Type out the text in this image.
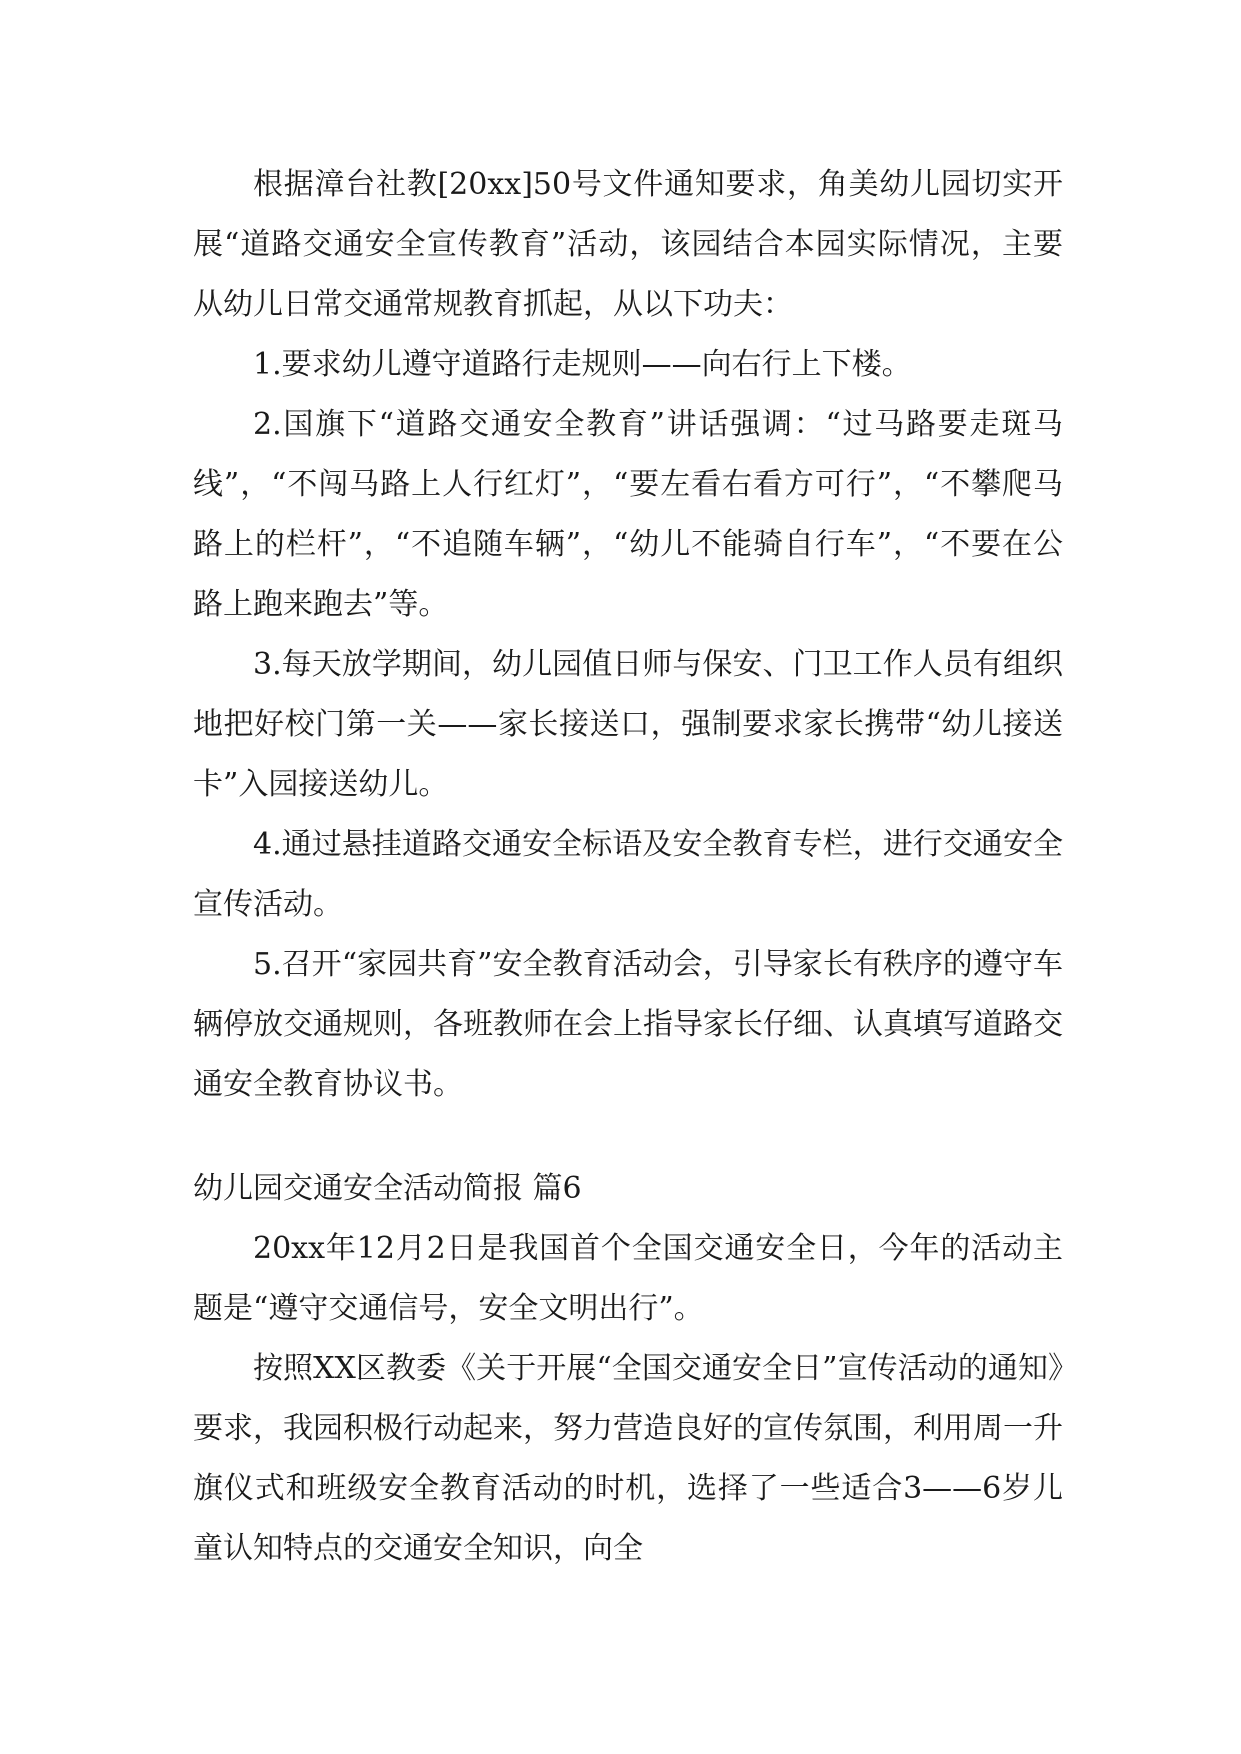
根据漳台社教[20xx]50号文件通知要求，角美幼儿园切实开展“道路交通安全宣传教育”活动，该园结合本园实际情况，主要从幼儿日常交通常规教育抓起，从以下功夫：

1.要求幼儿遵守道路行走规则——向右行上下楼。

2.国旗下“道路交通安全教育”讲话强调：“过马路要走斑马线”，“不闯马路上人行红灯”，“要左看右看方可行”，“不攀爬马路上的栏杆”，“不追随车辆”，“幼儿不能骑自行车”，“不要在公路上跑来跑去”等。

3.每天放学期间，幼儿园值日师与保安、门卫工作人员有组织地把好校门第一关——家长接送口，强制要求家长携带“幼儿接送卡”入园接送幼儿。

4.通过悬挂道路交通安全标语及安全教育专栏，进行交通安全宣传活动。

5.召开“家园共育”安全教育活动会，引导家长有秩序的遵守车辆停放交通规则，各班教师在会上指导家长仔细、认真填写道路交通安全教育协议书。

幼儿园交通安全活动简报 篇6

20xx年12月2日是我国首个全国交通安全日，今年的活动主题是“遵守交通信号，安全文明出行”。

按照XX区教委《关于开展“全国交通安全日”宣传活动的通知》要求，我园积极行动起来，努力营造良好的宣传氛围，利用周一升旗仪式和班级安全教育活动的时机，选择了一些适合3——6岁儿童认知特点的交通安全知识，向全
